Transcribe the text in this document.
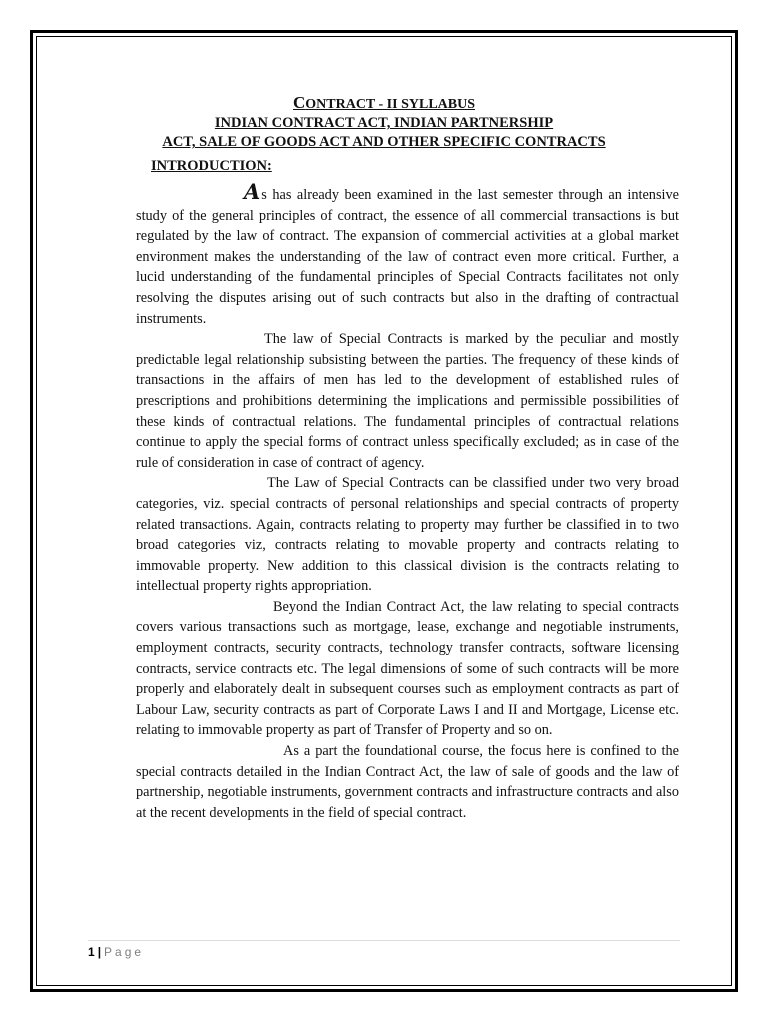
CONTRACT - II SYLLABUS
INDIAN CONTRACT ACT, INDIAN PARTNERSHIP
ACT, SALE OF GOODS ACT AND OTHER SPECIFIC CONTRACTS
INTRODUCTION:

As has already been examined in the last semester through an intensive study of the general principles of contract, the essence of all commercial transactions is but regulated by the law of contract. The expansion of commercial activities at a global market environment makes the understanding of the law of contract even more critical. Further, a lucid understanding of the fundamental principles of Special Contracts facilitates not only resolving the disputes arising out of such contracts but also in the drafting of contractual instruments.

The law of Special Contracts is marked by the peculiar and mostly predictable legal relationship subsisting between the parties. The frequency of these kinds of transactions in the affairs of men has led to the development of established rules of prescriptions and prohibitions determining the implications and permissible possibilities of these kinds of contractual relations. The fundamental principles of contractual relations continue to apply the special forms of contract unless specifically excluded; as in case of the rule of consideration in case of contract of agency.

The Law of Special Contracts can be classified under two very broad categories, viz. special contracts of personal relationships and special contracts of property related transactions. Again, contracts relating to property may further be classified in to two broad categories viz, contracts relating to movable property and contracts relating to immovable property. New addition to this classical division is the contracts relating to intellectual property rights appropriation.

Beyond the Indian Contract Act, the law relating to special contracts covers various transactions such as mortgage, lease, exchange and negotiable instruments, employment contracts, security contracts, technology transfer contracts, software licensing contracts, service contracts etc. The legal dimensions of some of such contracts will be more properly and elaborately dealt in subsequent courses such as employment contracts as part of Labour Law, security contracts as part of Corporate Laws I and II and Mortgage, License etc. relating to immovable property as part of Transfer of Property and so on.

As a part the foundational course, the focus here is confined to the special contracts detailed in the Indian Contract Act, the law of sale of goods and the law of partnership, negotiable instruments, government contracts and infrastructure contracts and also at the recent developments in the field of special contract.

1 | Page
